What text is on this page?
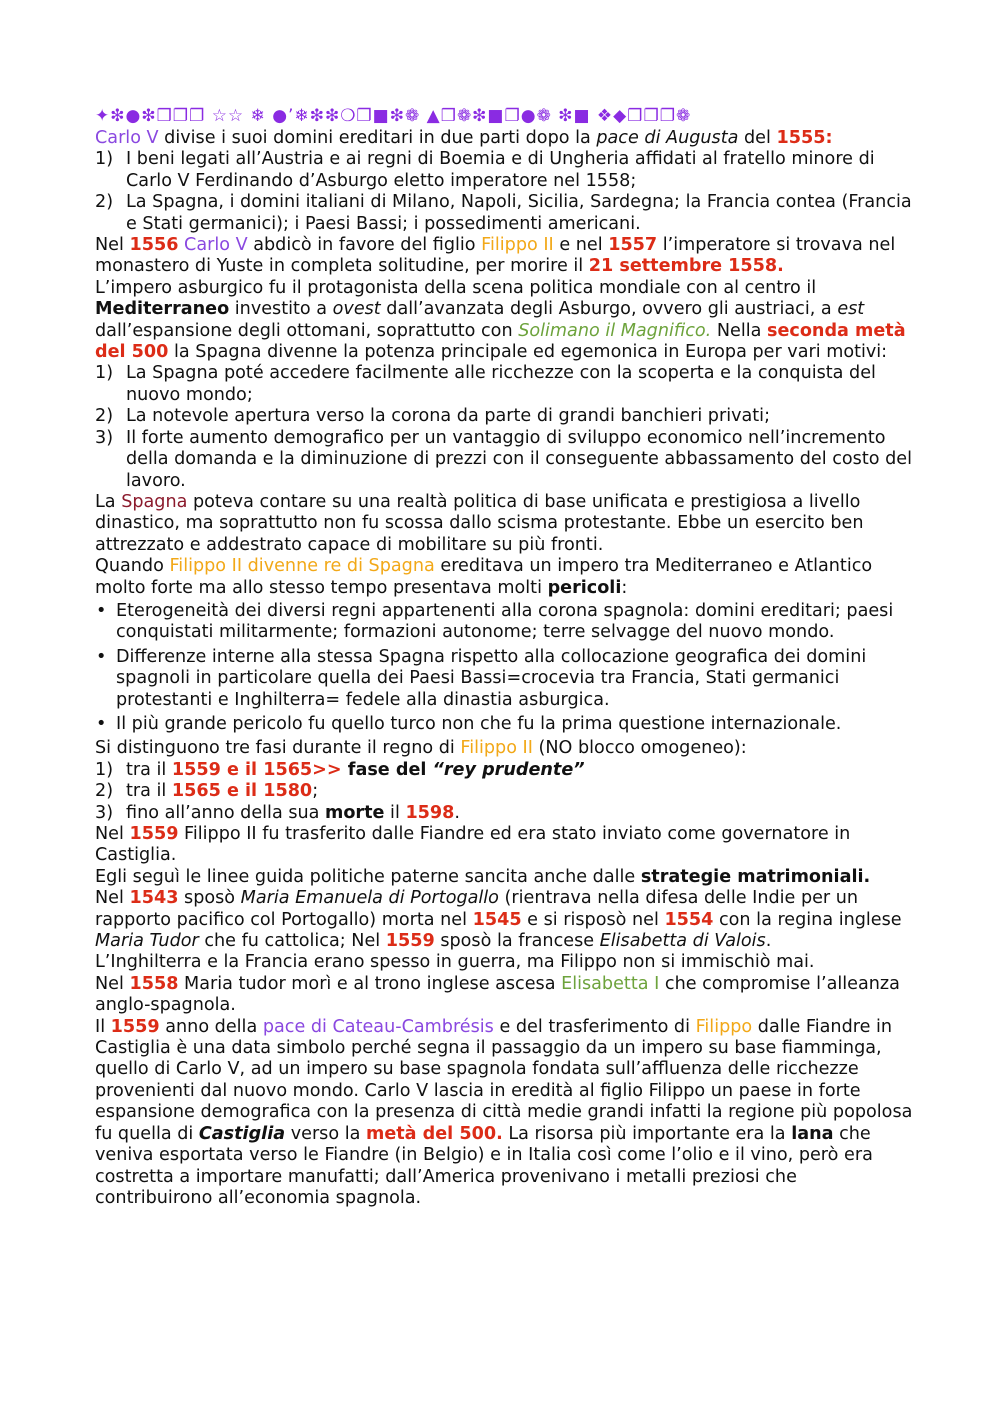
✦❇●❇❒❐❐ ☆☆ ❄ ●’❄❇❇❍❐■❇❁ ▲❒❁❇■❐●❁ ❇■ ❖◆❒❐❐❁

Carlo V divise i suoi domini ereditari in due parti dopo la pace di Augusta del 1555:

1) I beni legati all’Austria e ai regni di Boemia e di Ungheria affidati al fratello minore di Carlo V Ferdinando d’Asburgo eletto imperatore nel 1558;
2) La Spagna, i domini italiani di Milano, Napoli, Sicilia, Sardegna; la Francia contea (Francia e Stati germanici); i Paesi Bassi; i possedimenti americani.

Nel 1556 Carlo V abdicò in favore del figlio Filippo II e nel 1557 l’imperatore si trovava nel monastero di Yuste in completa solitudine, per morire il 21 settembre 1558.

L’impero asburgico fu il protagonista della scena politica mondiale con al centro il Mediterraneo investito a ovest dall’avanzata degli Asburgo, ovvero gli austriaci, a est dall’espansione degli ottomani, soprattutto con Solimano il Magnifico. Nella seconda metà del 500 la Spagna divenne la potenza principale ed egemonica in Europa per vari motivi:

1) La Spagna poté accedere facilmente alle ricchezze con la scoperta e la conquista del nuovo mondo;
2) La notevole apertura verso la corona da parte di grandi banchieri privati;
3) Il forte aumento demografico per un vantaggio di sviluppo economico nell’incremento della domanda e la diminuzione di prezzi con il conseguente abbassamento del costo del lavoro.

La Spagna poteva contare su una realtà politica di base unificata e prestigiosa a livello dinastico, ma soprattutto non fu scossa dallo scisma protestante. Ebbe un esercito ben attrezzato e addestrato capace di mobilitare su più fronti.

Quando Filippo II divenne re di Spagna ereditava un impero tra Mediterraneo e Atlantico molto forte ma allo stesso tempo presentava molti pericoli:

• Eterogeneità dei diversi regni appartenenti alla corona spagnola: domini ereditari; paesi conquistati militarmente; formazioni autonome; terre selvagge del nuovo mondo.
• Differenze interne alla stessa Spagna rispetto alla collocazione geografica dei domini spagnoli in particolare quella dei Paesi Bassi=crocevia tra Francia, Stati germanici protestanti e Inghilterra= fedele alla dinastia asburgica.
• Il più grande pericolo fu quello turco non che fu la prima questione internazionale.

Si distinguono tre fasi durante il regno di Filippo II (NO blocco omogeneo):

1) tra il 1559 e il 1565>> fase del “rey prudente”
2) tra il 1565 e il 1580;
3) fino all’anno della sua morte il 1598.

Nel 1559 Filippo II fu trasferito dalle Fiandre ed era stato inviato come governatore in Castiglia.

Egli seguì le linee guida politiche paterne sancita anche dalle strategie matrimoniali.

Nel 1543 sposò Maria Emanuela di Portogallo (rientrava nella difesa delle Indie per un rapporto pacifico col Portogallo) morta nel 1545 e si risposò nel 1554 con la regina inglese Maria Tudor che fu cattolica; Nel 1559 sposò la francese Elisabetta di Valois.

L’Inghilterra e la Francia erano spesso in guerra, ma Filippo non si immischiò mai.

Nel 1558 Maria tudor morì e al trono inglese ascesa Elisabetta I che compromise l’alleanza anglo-spagnola.

Il 1559 anno della pace di Cateau-Cambrésis e del trasferimento di Filippo dalle Fiandre in Castiglia è una data simbolo perché segna il passaggio da un impero su base fiamminga, quello di Carlo V, ad un impero su base spagnola fondata sull’affluenza delle ricchezze provenienti dal nuovo mondo. Carlo V lascia in eredità al figlio Filippo un paese in forte espansione demografica con la presenza di città medie grandi infatti la regione più popolosa fu quella di Castiglia verso la metà del 500. La risorsa più importante era la lana che veniva esportata verso le Fiandre (in Belgio) e in Italia così come l’olio e il vino, però era costretta a importare manufatti; dall’America provenivano i metalli preziosi che contribuirono all’economia spagnola.
